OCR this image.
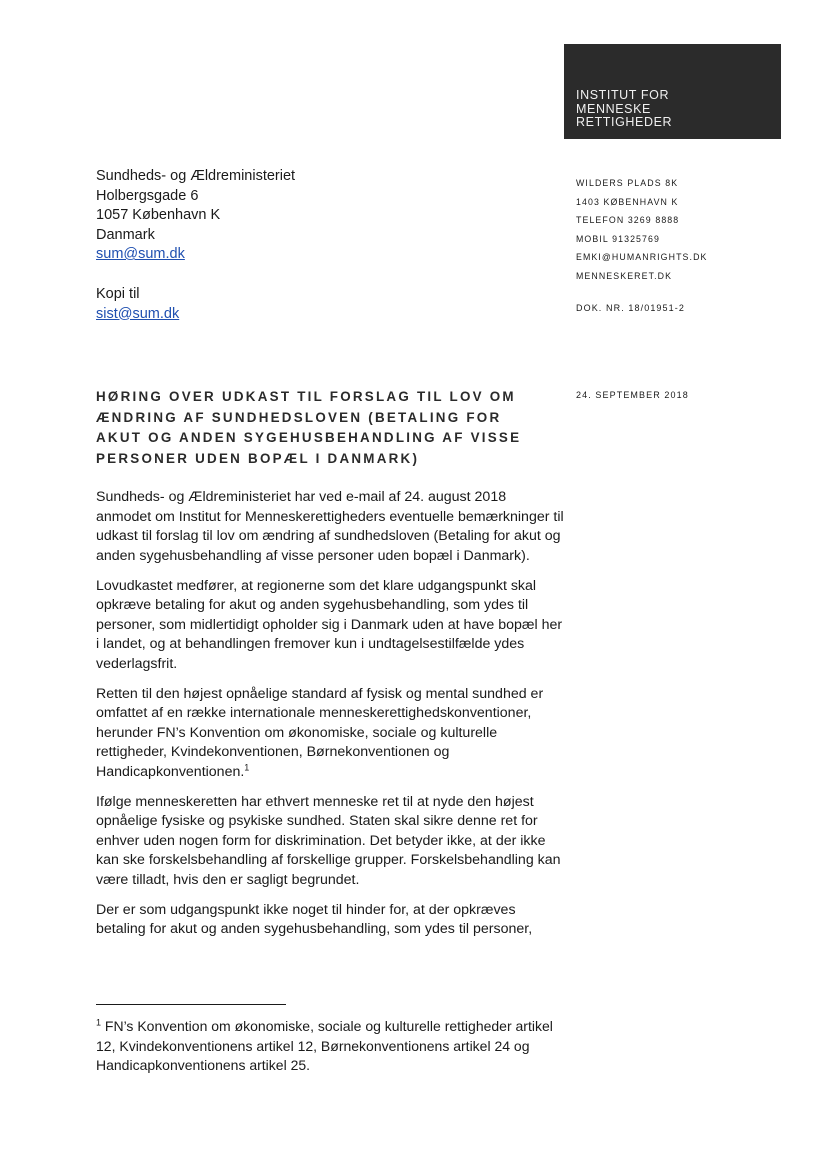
INSTITUT FOR
MENNESKE
RETTIGHEDER
Sundheds- og Ældreministeriet
Holbergsgade 6
1057 København K
Danmark
sum@sum.dk
Kopi til
sist@sum.dk
WILDERS PLADS 8K
1403 KØBENHAVN K
TELEFON 3269 8888
MOBIL 91325769
EMKI@HUMANRIGHTS.DK
MENNESKERET.DK
DOK. NR. 18/01951-2
24. SEPTEMBER 2018
HØRING OVER UDKAST TIL FORSLAG TIL LOV OM
ÆNDRING AF SUNDHEDSLOVEN (BETALING FOR
AKUT OG ANDEN SYGEHUSBEHANDLING AF VISSE
PERSONER UDEN BOPÆL I DANMARK)

Sundheds- og Ældreministeriet har ved e-mail af 24. august 2018 anmodet om Institut for Menneskerettigheders eventuelle bemærkninger til udkast til forslag til lov om ændring af sundhedsloven (Betaling for akut og anden sygehusbehandling af visse personer uden bopæl i Danmark).

Lovudkastet medfører, at regionerne som det klare udgangspunkt skal opkræve betaling for akut og anden sygehusbehandling, som ydes til personer, som midlertidigt opholder sig i Danmark uden at have bopæl her i landet, og at behandlingen fremover kun i undtagelsestilfælde ydes vederlagsfrit.

Retten til den højest opnåelige standard af fysisk og mental sundhed er omfattet af en række internationale menneskerettighedskonventioner, herunder FN’s Konvention om økonomiske, sociale og kulturelle rettigheder, Kvindekonventionen, Børnekonventionen og Handicapkonventionen.$^1$

Ifølge menneskeretten har ethvert menneske ret til at nyde den højest opnåelige fysiske og psykiske sundhed. Staten skal sikre denne ret for enhver uden nogen form for diskrimination. Det betyder ikke, at der ikke kan ske forskelsbehandling af forskellige grupper. Forskelsbehandling kan være tilladt, hvis den er sagligt begrundet.

Der er som udgangspunkt ikke noget til hinder for, at der opkræves betaling for akut og anden sygehusbehandling, som ydes til personer,

$^1$ FN’s Konvention om økonomiske, sociale og kulturelle rettigheder artikel 12, Kvindekonventionens artikel 12, Børnekonventionens artikel 24 og Handicapkonventionens artikel 25.
